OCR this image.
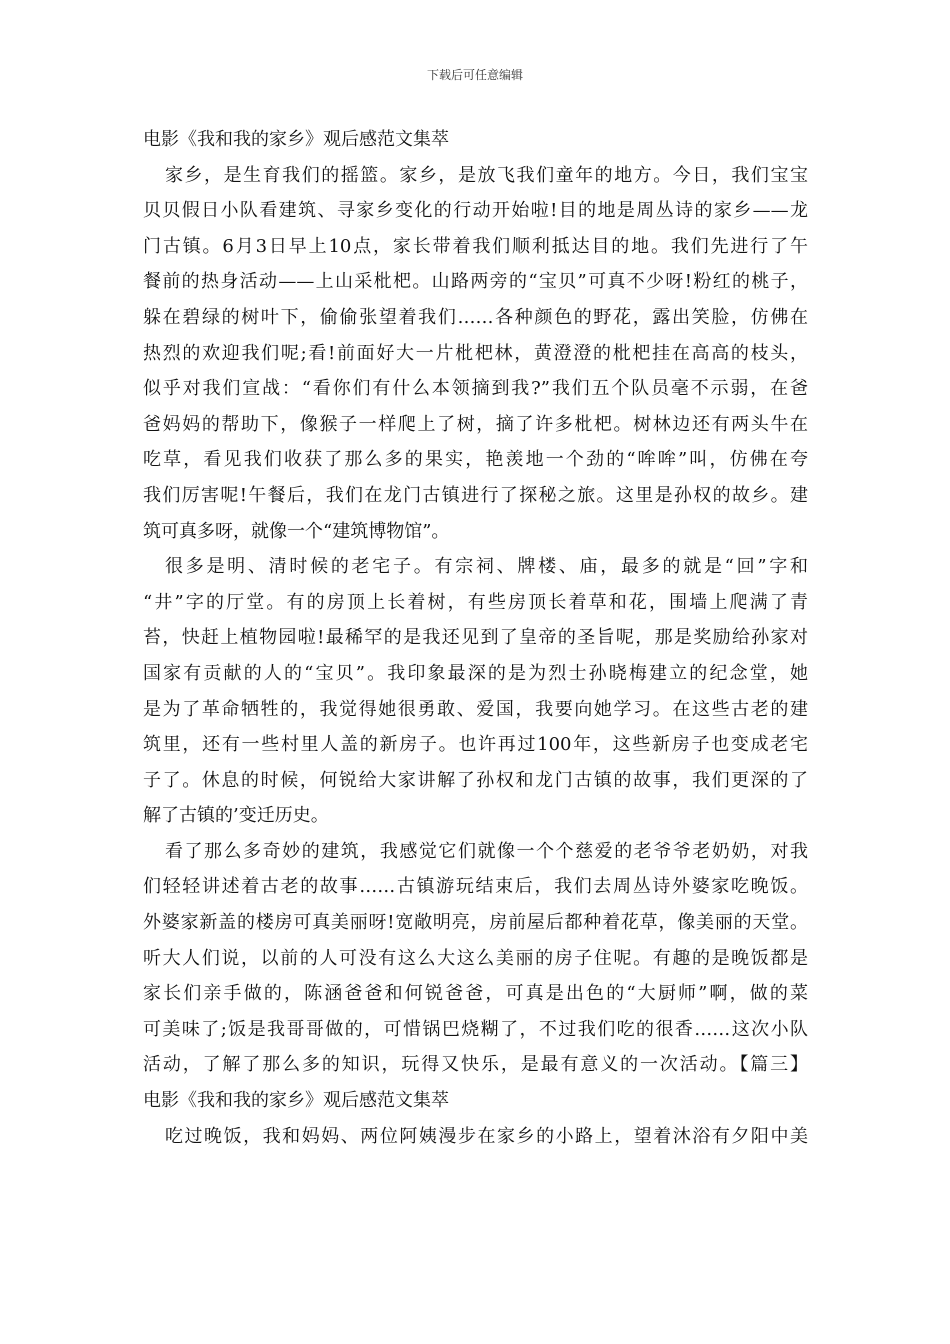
下载后可任意编辑
电影《我和我的家乡》观后感范文集萃
家乡，是生育我们的摇篮。家乡，是放飞我们童年的地方。今日，我们宝宝
贝贝假日小队看建筑、寻家乡变化的行动开始啦!目的地是周丛诗的家乡——龙
门古镇。6月3日早上10点，家长带着我们顺利抵达目的地。我们先进行了午
餐前的热身活动——上山采枇杷。山路两旁的“宝贝”可真不少呀!粉红的桃子，
躲在碧绿的树叶下，偷偷张望着我们……各种颜色的野花，露出笑脸，仿佛在
热烈的欢迎我们呢;看!前面好大一片枇杷林，黄澄澄的枇杷挂在高高的枝头，
似乎对我们宣战：“看你们有什么本领摘到我?”我们五个队员毫不示弱，在爸
爸妈妈的帮助下，像猴子一样爬上了树，摘了许多枇杷。树林边还有两头牛在
吃草，看见我们收获了那么多的果实，艳羡地一个劲的“哞哞”叫，仿佛在夸
我们厉害呢!午餐后，我们在龙门古镇进行了探秘之旅。这里是孙权的故乡。建
筑可真多呀，就像一个“建筑博物馆”。
很多是明、清时候的老宅子。有宗祠、牌楼、庙，最多的就是“回”字和
“井”字的厅堂。有的房顶上长着树，有些房顶长着草和花，围墙上爬满了青
苔，快赶上植物园啦!最稀罕的是我还见到了皇帝的圣旨呢，那是奖励给孙家对
国家有贡献的人的“宝贝”。我印象最深的是为烈士孙晓梅建立的纪念堂，她
是为了革命牺牲的，我觉得她很勇敢、爱国，我要向她学习。在这些古老的建
筑里，还有一些村里人盖的新房子。也许再过100年，这些新房子也变成老宅
子了。休息的时候，何锐给大家讲解了孙权和龙门古镇的故事，我们更深的了
解了古镇的’变迁历史。
看了那么多奇妙的建筑，我感觉它们就像一个个慈爱的老爷爷老奶奶，对我
们轻轻讲述着古老的故事……古镇游玩结束后，我们去周丛诗外婆家吃晚饭。
外婆家新盖的楼房可真美丽呀!宽敞明亮，房前屋后都种着花草，像美丽的天堂。
听大人们说，以前的人可没有这么大这么美丽的房子住呢。有趣的是晚饭都是
家长们亲手做的，陈涵爸爸和何锐爸爸，可真是出色的“大厨师”啊，做的菜
可美味了;饭是我哥哥做的，可惜锅巴烧糊了，不过我们吃的很香……这次小队
活动，了解了那么多的知识，玩得又快乐，是最有意义的一次活动。【篇三】
电影《我和我的家乡》观后感范文集萃
吃过晚饭，我和妈妈、两位阿姨漫步在家乡的小路上，望着沐浴有夕阳中美
